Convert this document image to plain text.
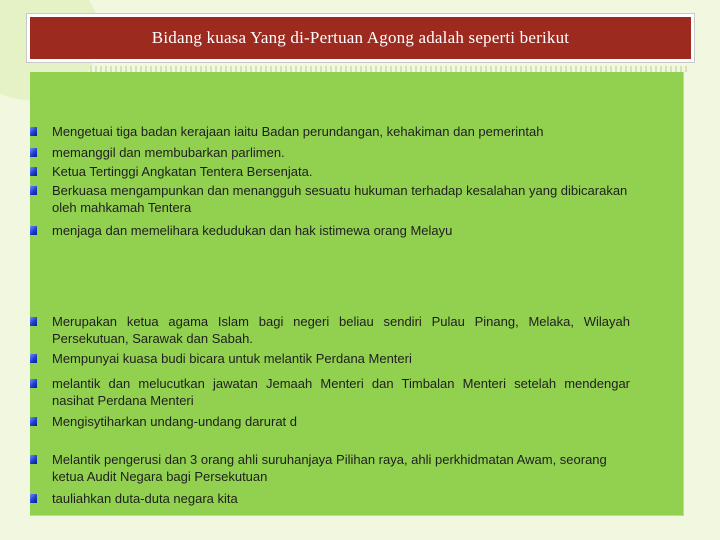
Bidang kuasa Yang di-Pertuan Agong adalah seperti berikut
Mengetuai tiga badan kerajaan iaitu Badan perundangan, kehakiman dan pemerintah
memanggil dan membubarkan parlimen.
Ketua Tertinggi Angkatan Tentera Bersenjata.
Berkuasa mengampunkan dan menangguh sesuatu hukuman terhadap kesalahan yang dibicarakan oleh mahkamah Tentera
menjaga dan memelihara kedudukan dan hak istimewa orang Melayu
Merupakan ketua agama Islam bagi negeri beliau sendiri Pulau Pinang, Melaka, Wilayah Persekutuan, Sarawak dan Sabah.
Mempunyai kuasa budi bicara untuk melantik Perdana Menteri
melantik dan melucutkan jawatan Jemaah Menteri dan Timbalan Menteri setelah mendengar nasihat Perdana Menteri
Mengisytiharkan undang-undang darurat d
Melantik pengerusi dan 3 orang ahli suruhanjaya Pilihan raya, ahli perkhidmatan Awam, seorang ketua Audit Negara bagi Persekutuan
tauliahkan duta-duta negara kita
